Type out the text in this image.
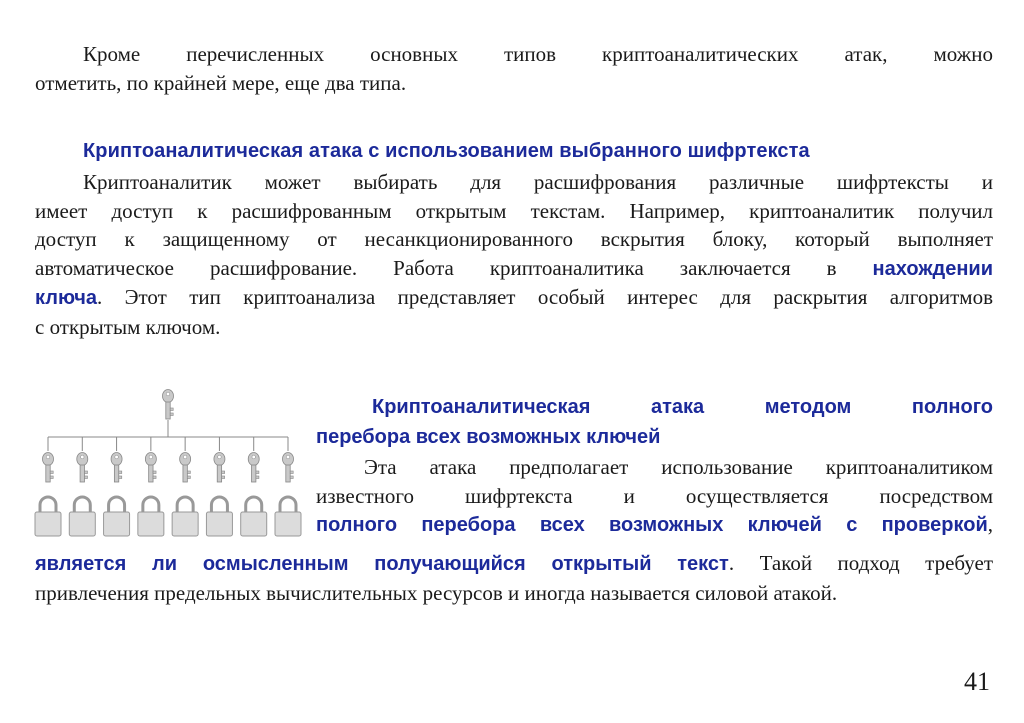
Кроме перечисленных основных типов криптоаналитических атак, можно
отметить, по крайней мере, еще два типа.
Криптоаналитическая атака с использованием выбранного шифртекста
Криптоаналитик может выбирать для расшифрования различные шифртексты и
имеет доступ к расшифрованным открытым текстам. Например, криптоаналитик получил
доступ к защищенному от несанкционированного вскрытия блоку, который выполняет
автоматическое расшифрование. Работа криптоаналитика заключается в нахождении
ключа. Этот тип криптоанализа представляет особый интерес для раскрытия алгоритмов
с открытым ключом.
Криптоаналитическая атака методом полного
перебора всех возможных ключей
Эта атака предполагает использование криптоаналитиком
известного шифртекста и осуществляется посредством
полного перебора всех возможных ключей с проверкой,
является ли осмысленным получающийся открытый текст. Такой подход требует
привлечения предельных вычислительных ресурсов и иногда называется силовой атакой.
41
